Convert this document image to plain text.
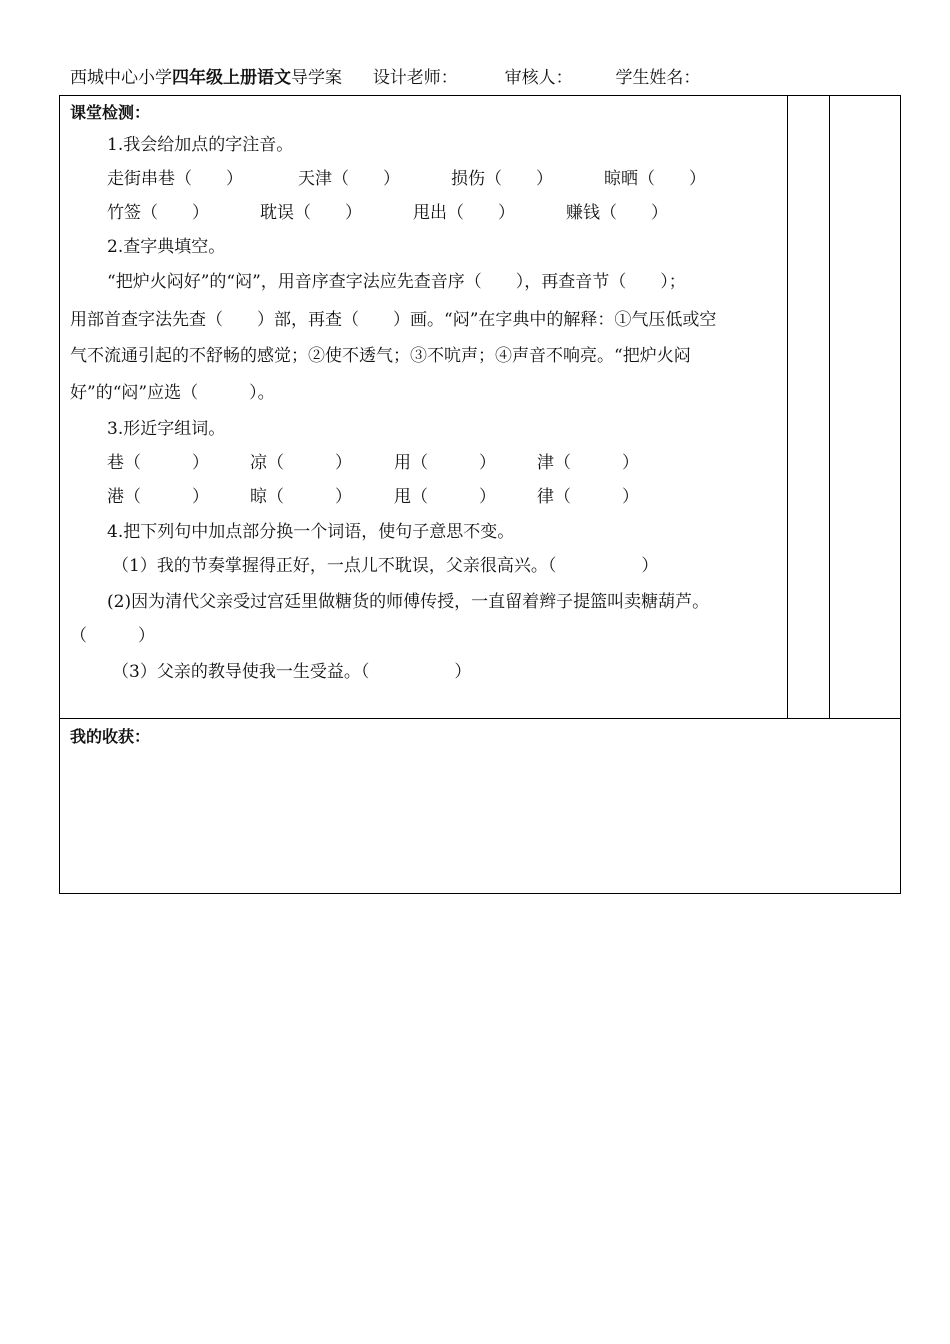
西城中心小学四年级上册语文导学案 设计老师：	审核人：	学生姓名：
课堂检测：
1.我会给加点的字注音。
走街串巷（　　）	天津（　　）	损伤（　　）	晾晒（　　）
竹签（　　）	耽误（　　）	甩出（　　）	赚钱（　　）
2.查字典填空。
“把炉火闷好”的“闷”，用音序查字法应先查音序（　　），再查音节（　　）；
用部首查字法先查（　　）部，再查（　　）画。“闷”在字典中的解释：①气压低或空
气不流通引起的不舒畅的感觉；②使不透气；③不吭声；④声音不响亮。“把炉火闷
好”的“闷”应选（　　　）。
3.形近字组词。
巷（　　　） 凉（　　　） 用（　　　） 津（　　　）
港（　　　） 晾（　　　） 甩（　　　） 律（　　　）
4.把下列句中加点部分换一个词语，使句子意思不变。
（1）我的节奏掌握得正好，一点儿不耽误，父亲很高兴。（　　　　　）
(2)因为清代父亲受过宫廷里做糖货的师傅传授，一直留着辫子提篮叫卖糖葫芦。
（　　　）
（3）父亲的教导使我一生受益。（　　　　　）
我的收获：
